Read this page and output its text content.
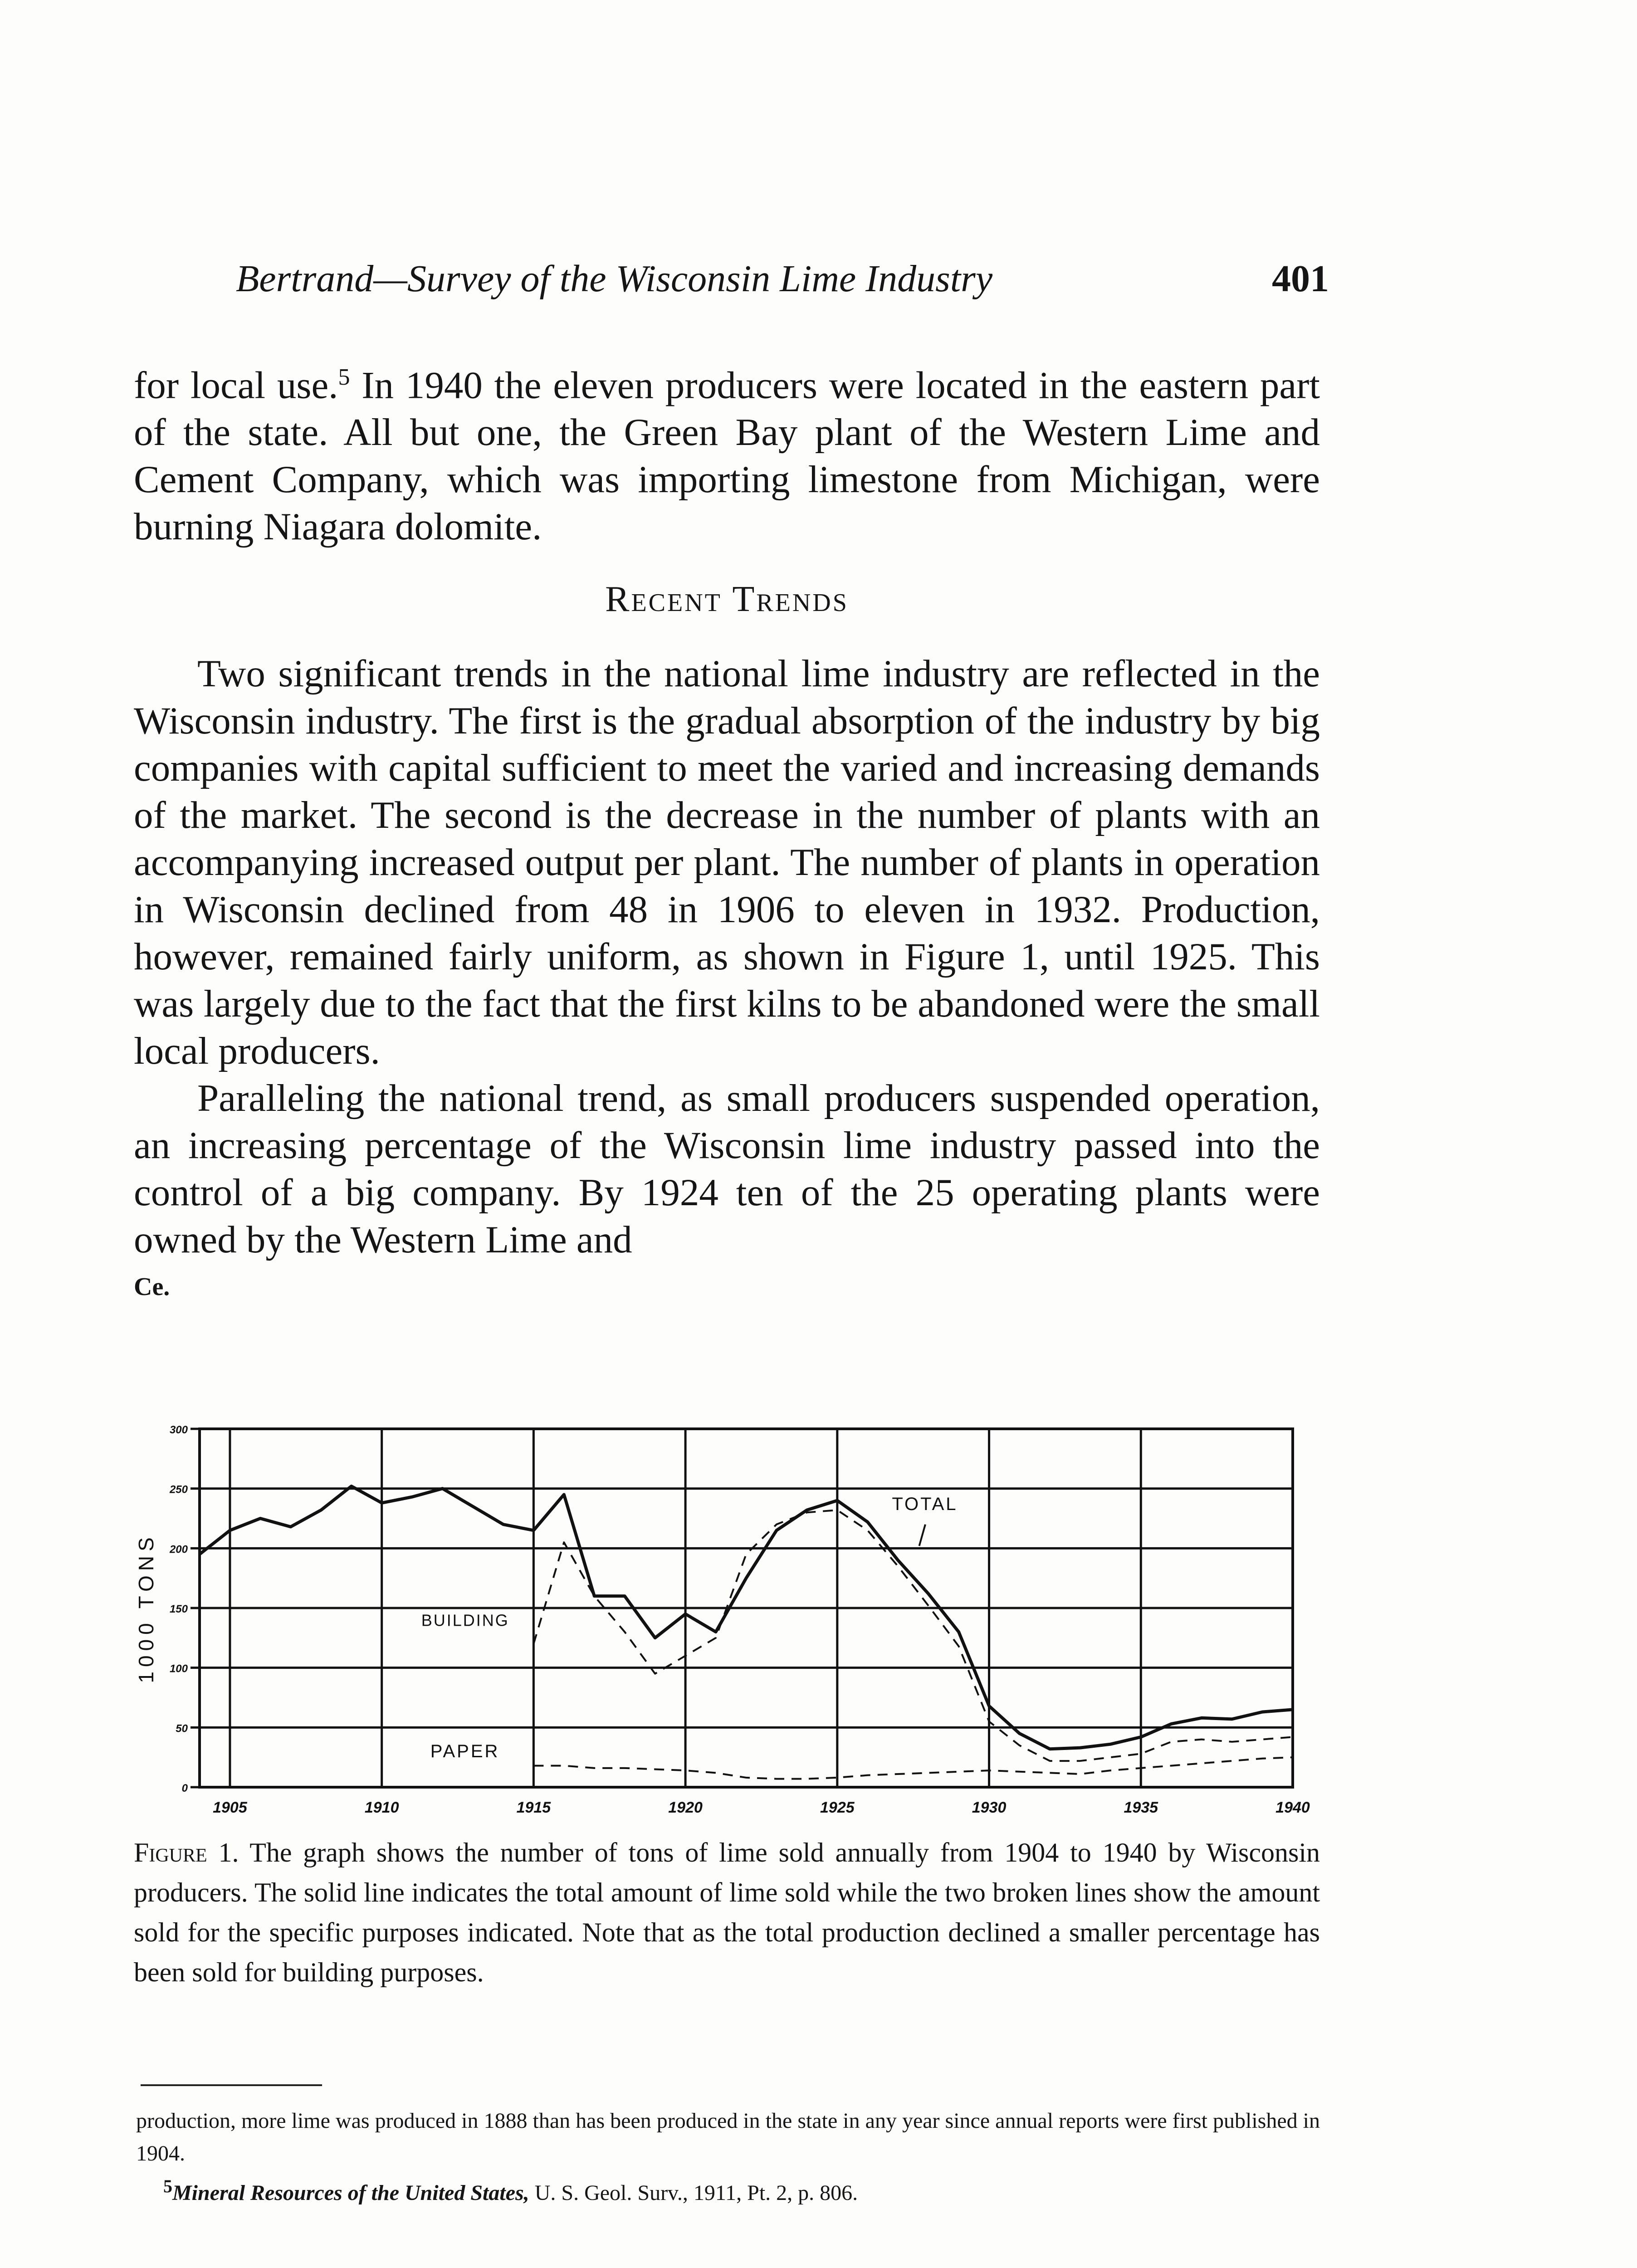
Bertrand—Survey of the Wisconsin Lime Industry	401

for local use.$^5$ In 1940 the eleven producers were located in the eastern part of the state. All but one, the Green Bay plant of the Western Lime and Cement Company, which was importing limestone from Michigan, were burning Niagara dolomite.

Recent Trends

Two significant trends in the national lime industry are reflected in the Wisconsin industry. The first is the gradual absorption of the industry by big companies with capital sufficient to meet the varied and increasing demands of the market. The second is the decrease in the number of plants with an accompanying increased output per plant. The number of plants in operation in Wisconsin declined from 48 in 1906 to eleven in 1932. Production, however, remained fairly uniform, as shown in Figure 1, until 1925. This was largely due to the fact that the first kilns to be abandoned were the small local producers.

Paralleling the national trend, as small producers suspended operation, an increasing percentage of the Wisconsin lime industry passed into the control of a big company. By 1924 ten of the 25 operating plants were owned by the Western Lime and

Ce.

1905	1910	1915	1920	1925	1930	1935	1940
0
50
100
150
200
250
300
1000 TONS
TOTAL
BUILDING
PAPER
Figure 1. The graph shows the number of tons of lime sold annually from 1904 to 1940 by Wisconsin producers. The solid line indicates the total amount of lime sold while the two broken lines show the amount sold for the specific purposes indicated. Note that as the total production declined a smaller percentage has been sold for building purposes.

production, more lime was produced in 1888 than has been produced in the state in any year since annual reports were first published in 1904.

$^5$Mineral Resources of the United States, U. S. Geol. Surv., 1911, Pt. 2, p. 806.
